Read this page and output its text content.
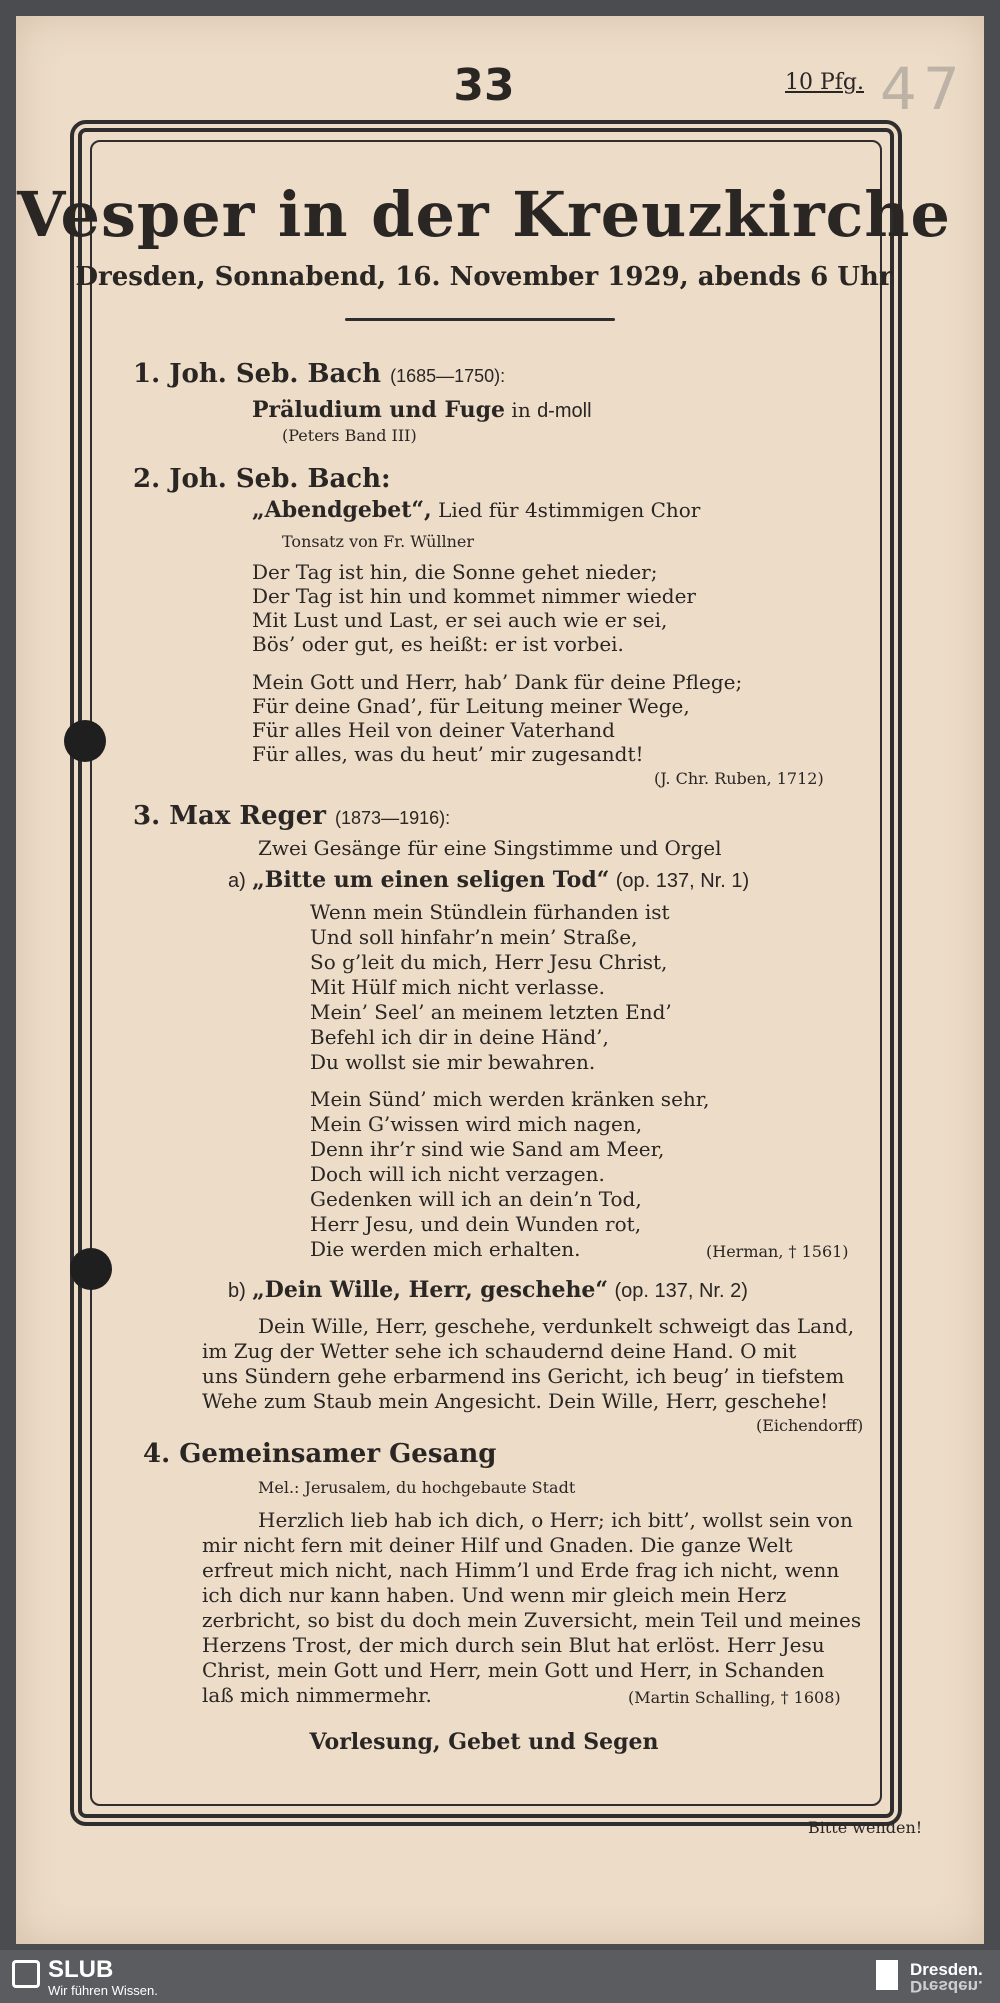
33	10 Pfg. 47
Vesper in der Kreuzkirche
Dresden, Sonnabend, 16. November 1929, abends 6 Uhr
1. Joh. Seb. Bach (1685—1750):
Präludium und Fuge in d-moll
(Peters Band III)
2. Joh. Seb. Bach:
„Abendgebet“, Lied für 4stimmigen Chor
Tonsatz von Fr. Wüllner
Der Tag ist hin, die Sonne gehet nieder;
Der Tag ist hin und kommet nimmer wieder
Mit Lust und Last, er sei auch wie er sei,
Bös’ oder gut, es heißt: er ist vorbei.
Mein Gott und Herr, hab’ Dank für deine Pflege;
Für deine Gnad’, für Leitung meiner Wege,
Für alles Heil von deiner Vaterhand
Für alles, was du heut’ mir zugesandt!
(J. Chr. Ruben, 1712)
3. Max Reger (1873—1916):
Zwei Gesänge für eine Singstimme und Orgel
a) „Bitte um einen seligen Tod“ (op. 137, Nr. 1)
Wenn mein Stündlein fürhanden ist
Und soll hinfahr’n mein’ Straße,
So g’leit du mich, Herr Jesu Christ,
Mit Hülf mich nicht verlasse.
Mein’ Seel’ an meinem letzten End’
Befehl ich dir in deine Händ’,
Du wollst sie mir bewahren.
Mein Sünd’ mich werden kränken sehr,
Mein G’wissen wird mich nagen,
Denn ihr’r sind wie Sand am Meer,
Doch will ich nicht verzagen.
Gedenken will ich an dein’n Tod,
Herr Jesu, und dein Wunden rot,
Die werden mich erhalten.	(Herman, † 1561)
b) „Dein Wille, Herr, geschehe“ (op. 137, Nr. 2)
Dein Wille, Herr, geschehe, verdunkelt schweigt das Land,
im Zug der Wetter sehe ich schaudernd deine Hand. O mit
uns Sündern gehe erbarmend ins Gericht, ich beug’ in tiefstem
Wehe zum Staub mein Angesicht. Dein Wille, Herr, geschehe!
(Eichendorff)
4. Gemeinsamer Gesang
Mel.: Jerusalem, du hochgebaute Stadt
Herzlich lieb hab ich dich, o Herr; ich bitt’, wollst sein von
mir nicht fern mit deiner Hilf und Gnaden. Die ganze Welt
erfreut mich nicht, nach Himm’l und Erde frag ich nicht, wenn
ich dich nur kann haben. Und wenn mir gleich mein Herz
zerbricht, so bist du doch mein Zuversicht, mein Teil und meines
Herzens Trost, der mich durch sein Blut hat erlöst. Herr Jesu
Christ, mein Gott und Herr, mein Gott und Herr, in Schanden
laß mich nimmermehr.	(Martin Schalling, † 1608)
Vorlesung, Gebet und Segen
Bitte wenden!
SLUB
Wir führen Wissen.
Dresden.
Dresden.
